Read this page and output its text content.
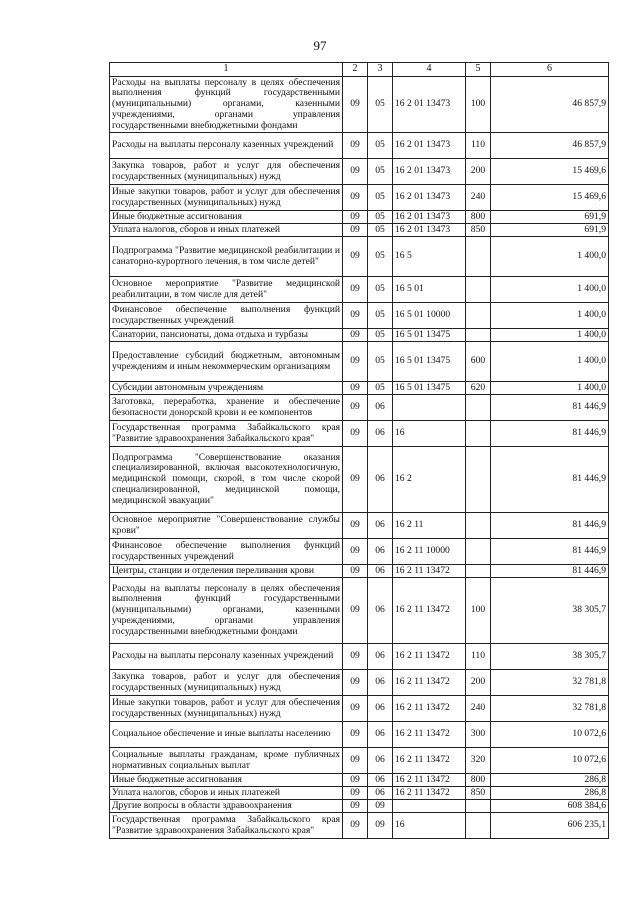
97
1	2	3	4	5	6
Расходы на выплаты персоналу в целях обеспечения выполнения функций государственными (муниципальными) органами, казенными учреждениями, органами управления государственными внебюджетными фондами	09	05	16 2 01 13473	100	46 857,9
Расходы на выплаты персоналу казенных учреждений	09	05	16 2 01 13473	110	46 857,9
Закупка товаров, работ и услуг для обеспечения государственных (муниципальных) нужд	09	05	16 2 01 13473	200	15 469,6
Иные закупки товаров, работ и услуг для обеспечения государственных (муниципальных) нужд	09	05	16 2 01 13473	240	15 469,6
Иные бюджетные ассигнования	09	05	16 2 01 13473	800	691,9
Уплата налогов, сборов и иных платежей	09	05	16 2 01 13473	850	691,9
Подпрограмма "Развитие медицинской реабилитации и санаторно-курортного лечения, в том числе детей"	09	05	16 5		1 400,0
Основное мероприятие "Развитие медицинской реабилитации, в том числе для детей"	09	05	16 5 01		1 400,0
Финансовое обеспечение выполнения функций государственных учреждений	09	05	16 5 01 10000		1 400,0
Санатории, пансионаты, дома отдыха и турбазы	09	05	16 5 01 13475		1 400,0
Предоставление субсидий бюджетным, автономным учреждениям и иным некоммерческим организациям	09	05	16 5 01 13475	600	1 400,0
Субсидии автономным учреждениям	09	05	16 5 01 13475	620	1 400,0
Заготовка, переработка, хранение и обеспечение безопасности донорской крови и ее компонентов	09	06			81 446,9
Государственная программа Забайкальского края "Развитие здравоохранения Забайкальского края"	09	06	16		81 446,9
Подпрограмма "Совершенствование оказания специализированной, включая высокотехнологичную, медицинской помощи, скорой, в том числе скорой специализированной, медицинской помощи, медицинской эвакуации"	09	06	16 2		81 446,9
Основное мероприятие "Совершенствование службы крови"	09	06	16 2 11		81 446,9
Финансовое обеспечение выполнения функций государственных учреждений	09	06	16 2 11 10000		81 446,9
Центры, станции и отделения переливания крови	09	06	16 2 11 13472		81 446,9
Расходы на выплаты персоналу в целях обеспечения выполнения функций государственными (муниципальными) органами, казенными учреждениями, органами управления государственными внебюджетными фондами	09	06	16 2 11 13472	100	38 305,7
Расходы на выплаты персоналу казенных учреждений	09	06	16 2 11 13472	110	38 305,7
Закупка товаров, работ и услуг для обеспечения государственных (муниципальных) нужд	09	06	16 2 11 13472	200	32 781,8
Иные закупки товаров, работ и услуг для обеспечения государственных (муниципальных) нужд	09	06	16 2 11 13472	240	32 781,8
Социальное обеспечение и иные выплаты населению	09	06	16 2 11 13472	300	10 072,6
Социальные выплаты гражданам, кроме публичных нормативных социальных выплат	09	06	16 2 11 13472	320	10 072,6
Иные бюджетные ассигнования	09	06	16 2 11 13472	800	286,8
Уплата налогов, сборов и иных платежей	09	06	16 2 11 13472	850	286,8
Другие вопросы в области здравоохранения	09	09			608 384,6
Государственная программа Забайкальского края "Развитие здравоохранения Забайкальского края"	09	09	16		606 235,1
